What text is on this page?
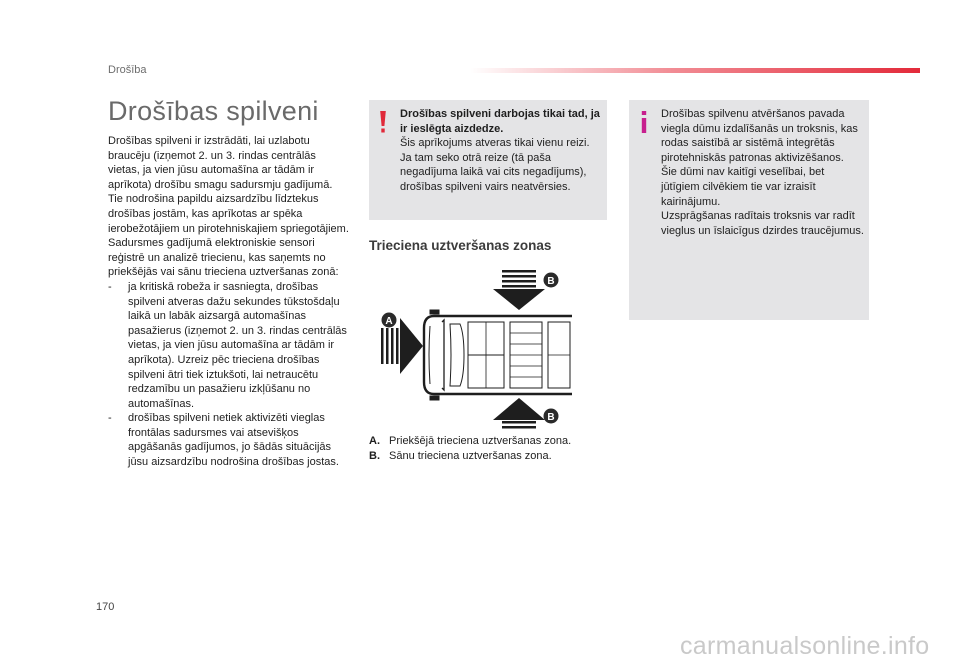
Drošība
Drošības spilveni

Drošības spilveni ir izstrādāti, lai uzlabotu braucēju (izņemot 2. un 3. rindas centrālās vietas, ja vien jūsu automašīna ar tādām ir aprīkota) drošību smagu sadursmju gadījumā. Tie nodrošina papildu aizsardzību līdztekus drošības jostām, kas aprīkotas ar spēka ierobežotājiem un pirotehniskajiem spriegotājiem.

Sadursmes gadījumā elektroniskie sensori reģistrē un analizē triecienu, kas saņemts no priekšējās vai sānu trieciena uztveršanas zonā:

-	ja kritiskā robeža ir sasniegta, drošības spilveni atveras dažu sekundes tūkstošdaļu laikā un labāk aizsargā automašīnas pasažierus (izņemot 2. un 3. rindas centrālās vietas, ja vien jūsu automašīna ar tādām ir aprīkota). Uzreiz pēc trieciena drošības spilveni ātri tiek iztukšoti, lai netraucētu redzamību un pasažieru izkļūšanu no automašīnas.
-	drošības spilveni netiek aktivizēti vieglas frontālas sadursmes vai atsevišķos apgāšanās gadījumos, jo šādās situācijās jūsu aizsardzību nodrošina drošības jostas.
Drošības spilveni darbojas tikai tad, ja ir ieslēgta aizdedze.
Šis aprīkojums atveras tikai vienu reizi. Ja tam seko otrā reize (tā paša negadījuma laikā vai cits negadījums), drošības spilveni vairs neatvērsies.
Drošības spilvenu atvēršanos pavada viegla dūmu izdalīšanās un troksnis, kas rodas saistībā ar sistēmā integrētās pirotehniskās patronas aktivizēšanos.
Šie dūmi nav kaitīgi veselībai, bet jūtīgiem cilvēkiem tie var izraisīt kairinājumu.
Uzsprāgšanas radītais troksnis var radīt vieglus un īslaicīgus dzirdes traucējumus.
Trieciena uztveršanas zonas
B
A
B
A. Priekšējā trieciena uztveršanas zona.
B. Sānu trieciena uztveršanas zona.
170
carmanualsonline.info
